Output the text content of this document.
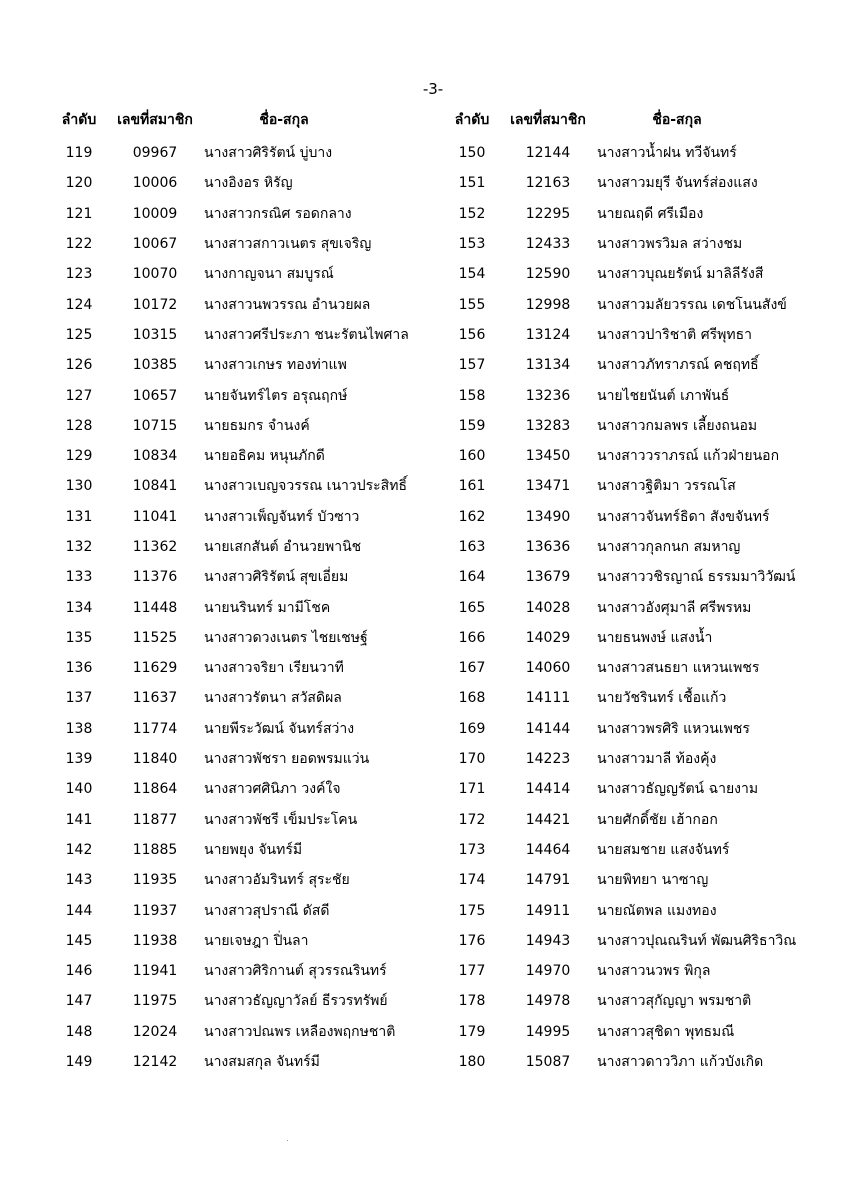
-3-
ลำดับ	เลขที่สมาชิก	ชื่อ-สกุล
119	09967	นางสาวศิริรัตน์ บู่บาง
120	10006	นางอิงอร หิรัญ
121	10009	นางสาวกรณิศ รอดกลาง
122	10067	นางสาวสกาวเนตร สุขเจริญ
123	10070	นางกาญจนา สมบูรณ์
124	10172	นางสาวนพวรรณ อำนวยผล
125	10315	นางสาวศรีประภา ชนะรัตนไพศาล
126	10385	นางสาวเกษร ทองท่าแพ
127	10657	นายจันทร์ไตร อรุณฤกษ์
128	10715	นายธมกร จำนงค์
129	10834	นายอธิคม หนุนภักดี
130	10841	นางสาวเบญจวรรณ เนาวประสิทธิ์
131	11041	นางสาวเพ็ญจันทร์ บัวซาว
132	11362	นายเสกสันต์ อำนวยพานิช
133	11376	นางสาวศิริรัตน์ สุขเอี่ยม
134	11448	นายนรินทร์ มามีโชค
135	11525	นางสาวดวงเนตร ไชยเชษฐ์
136	11629	นางสาวจริยา เรียนวาที
137	11637	นางสาวรัตนา สวัสดิผล
138	11774	นายพีระวัฒน์ จันทร์สว่าง
139	11840	นางสาวพัชรา ยอดพรมแว่น
140	11864	นางสาวศศินิภา วงค์ใจ
141	11877	นางสาวพัชรี เข็มประโคน
142	11885	นายพยุง จันทร์มี
143	11935	นางสาวอัมรินทร์ สุระชัย
144	11937	นางสาวสุปราณี ดัสดี
145	11938	นายเจษฎา ปิ่นลา
146	11941	นางสาวศิริกานต์ สุวรรณรินทร์
147	11975	นางสาวธัญญาวัลย์ ธีรวรทรัพย์
148	12024	นางสาวปณพร เหลืองพฤกษชาติ
149	12142	นางสมสกุล จันทร์มี
ลำดับ	เลขที่สมาชิก	ชื่อ-สกุล
150	12144	นางสาวน้ำฝน ทวีจันทร์
151	12163	นางสาวมยุรี จันทร์ส่องแสง
152	12295	นายณฤดี ศรีเมือง
153	12433	นางสาวพรวิมล สว่างชม
154	12590	นางสาวบุณยรัตน์ มาลิลีรังสี
155	12998	นางสาวมลัยวรรณ เดชโนนสังข์
156	13124	นางสาวปาริชาติ ศรีพุทธา
157	13134	นางสาวภัทราภรณ์ คชฤทธิ์
158	13236	นายไชยนันต์ เภาพันธ์
159	13283	นางสาวกมลพร เลี้ยงถนอม
160	13450	นางสาววราภรณ์ แก้วฝ่ายนอก
161	13471	นางสาวฐิติมา วรรณโส
162	13490	นางสาวจันทร์ธิดา สังขจันทร์
163	13636	นางสาวกุลกนก สมหาญ
164	13679	นางสาววชิรญาณ์ ธรรมมาวิวัฒน์
165	14028	นางสาวอังศุมาลี ศรีพรหม
166	14029	นายธนพงษ์ แสงน้ำ
167	14060	นางสาวสนธยา แหวนเพชร
168	14111	นายวัชรินทร์ เชื้อแก้ว
169	14144	นางสาวพรศิริ แหวนเพชร
170	14223	นางสาวมาลี ท้องคุ้ง
171	14414	นางสาวธัญญรัตน์ ฉายงาม
172	14421	นายศักดิ์ชัย เฮ้ากอก
173	14464	นายสมชาย แสงจันทร์
174	14791	นายพิทยา นาซาญ
175	14911	นายณัตพล แมงทอง
176	14943	นางสาวปุณณรินท์ พัฒนศิริธาวิณ
177	14970	นางสาวนวพร พิกุล
178	14978	นางสาวสุกัญญา พรมชาติ
179	14995	นางสาวสุชิดา พุทธมณี
180	15087	นางสาวดาววิภา แก้วบังเกิด
